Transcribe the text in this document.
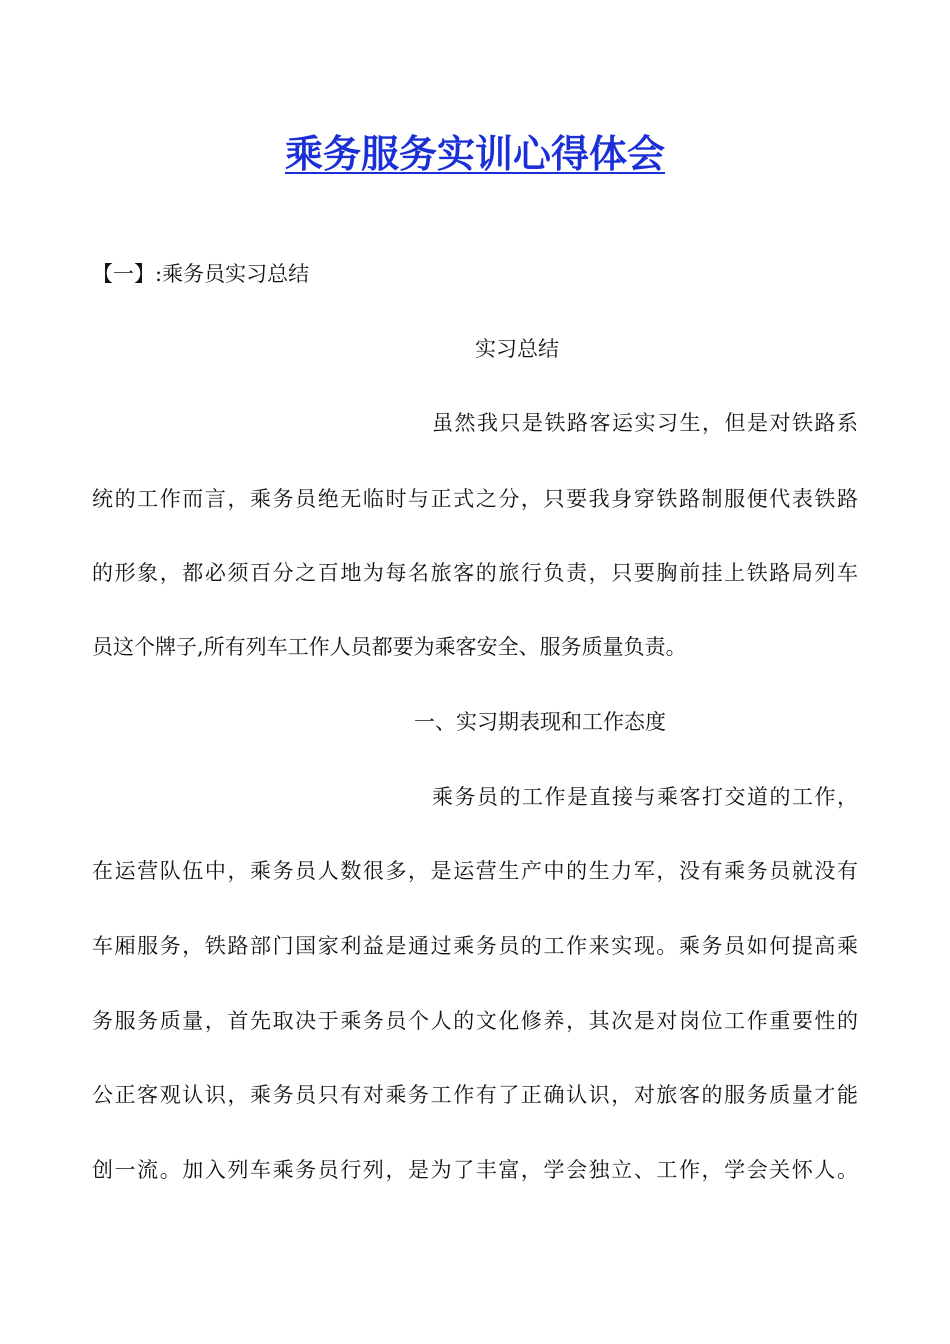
乘务服务实训心得体会

【一】:乘务员实习总结

实习总结

虽然我只是铁路客运实习生，但是对铁路系

统的工作而言，乘务员绝无临时与正式之分，只要我身穿铁路制服便代表铁路

的形象，都必须百分之百地为每名旅客的旅行负责，只要胸前挂上铁路局列车

员这个牌子,所有列车工作人员都要为乘客安全、服务质量负责。

一、实习期表现和工作态度

乘务员的工作是直接与乘客打交道的工作，

在运营队伍中，乘务员人数很多，是运营生产中的生力军，没有乘务员就没有

车厢服务，铁路部门国家利益是通过乘务员的工作来实现。乘务员如何提高乘

务服务质量，首先取决于乘务员个人的文化修养，其次是对岗位工作重要性的

公正客观认识，乘务员只有对乘务工作有了正确认识，对旅客的服务质量才能

创一流。加入列车乘务员行列，是为了丰富，学会独立、工作，学会关怀人。
